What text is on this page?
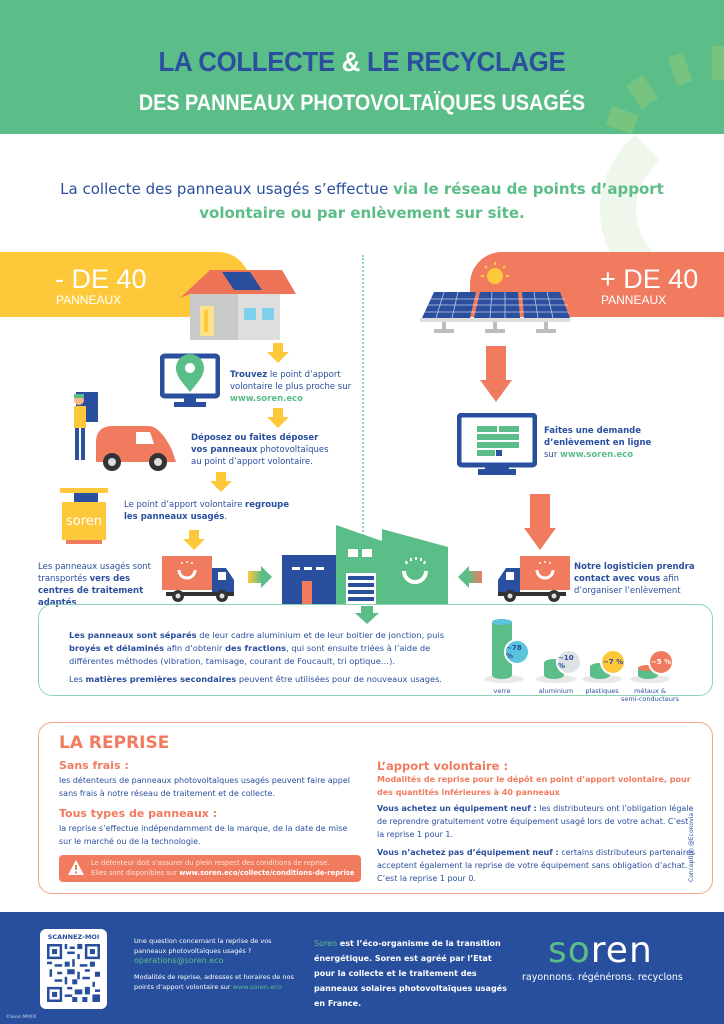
LA COLLECTE & LE RECYCLAGE
DES PANNEAUX PHOTOVOLTAÏQUES USAGÉS
La collecte des panneaux usagés s’effectue via le réseau de points d’apport volontaire ou par enlèvement sur site.
- DE 40
PANNEAUX
+ DE 40
PANNEAUX
Trouvez le point d’apport volontaire le plus proche sur
www.soren.eco
Déposez ou faites déposer vos panneaux photovoltaïques au point d’apport volontaire.
soren
Le point d’apport volontaire regroupe
les panneaux usagés.
Faites une demande d’enlèvement en ligne
sur www.soren.eco
Les panneaux usagés sont transportés vers des centres de traitement adaptés
Notre logisticien prendra contact avec vous afin d’organiser l’enlèvement

Les panneaux sont séparés de leur cadre aluminium et de leur boitier de jonction, puis broyés et délaminés afin d’obtenir des fractions, qui sont ensuite triées à l’aide de différentes méthodes (vibration, tamisage, courant de Foucault, tri optique…).

Les matières premières secondaires peuvent être utilisées pour de nouveaux usages.

~78 %
verre
~10 %
aluminium
~7 %
plastiques
~5 %
métaux &
semi-conducteurs
LA REPRISE
Sans frais :
les détenteurs de panneaux photovoltaïques usagés peuvent faire appel sans frais à notre réseau de traitement et de collecte.
Tous types de panneaux :
la reprise s’effectue indépendamment de la marque, de la date de mise sur le marché ou de la technologie.
Le détenteur doit s’assurer du plein respect des conditions de reprise.
Elles sont disponibles sur www.soren.eco/collecte/conditions-de-reprise
L’apport volontaire :
Modalités de reprise pour le dépôt en point d’apport volontaire, pour des quantités inférieures à 40 panneaux

Vous achetez un équipement neuf : les distributeurs ont l’obligation légale de reprendre gratuitement votre équipement usagé lors de votre achat. C’est la reprise 1 pour 1.

Vous n’achetez pas d’équipement neuf : certains distributeurs partenaires acceptent également la reprise de votre équipement sans obligation d’achat. C’est la reprise 1 pour 0.	Conception @Econovia
SCANNEZ-MOI	Une question concernant la reprise de vos panneaux photovoltaïques usagés ?
operations@soren.eco
Modalités de reprise, adresses et horaires de nos points d’apport volontaire sur www.soren.eco
Soren est l’éco-organisme de la transition énergétique. Soren est agréé par l’Etat pour la collecte et le traitement des panneaux solaires photovoltaïques usagés en France.
soren
rayonnons. régénérons. recyclons
©Soren MMXXI
